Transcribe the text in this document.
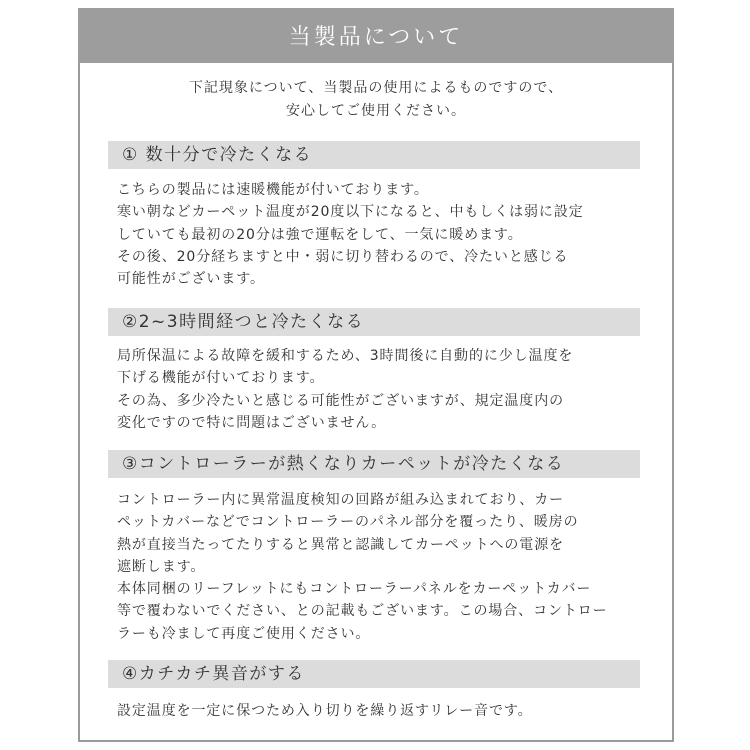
当製品について
下記現象について、当製品の使用によるものですので、
安心してご使用ください。
① 数十分で冷たくなる
こちらの製品には速暖機能が付いております。
寒い朝などカーペット温度が20度以下になると、中もしくは弱に設定
していても最初の20分は強で運転をして、一気に暖めます。
その後、20分経ちますと中・弱に切り替わるので、冷たいと感じる
可能性がございます。
②2~3時間経つと冷たくなる
局所保温による故障を緩和するため、3時間後に自動的に少し温度を
下げる機能が付いております。
その為、多少冷たいと感じる可能性がございますが、規定温度内の
変化ですので特に問題はございません。
③コントローラーが熱くなりカーペットが冷たくなる
コントローラー内に異常温度検知の回路が組み込まれており、カー
ペットカバーなどでコントローラーのパネル部分を覆ったり、暖房の
熱が直接当たってたりすると異常と認識してカーペットへの電源を
遮断します。
本体同梱のリーフレットにもコントローラーパネルをカーペットカバー
等で覆わないでください、との記載もございます。この場合、コントロー
ラーも冷まして再度ご使用ください。
④カチカチ異音がする
設定温度を一定に保つため入り切りを繰り返すリレー音です。
